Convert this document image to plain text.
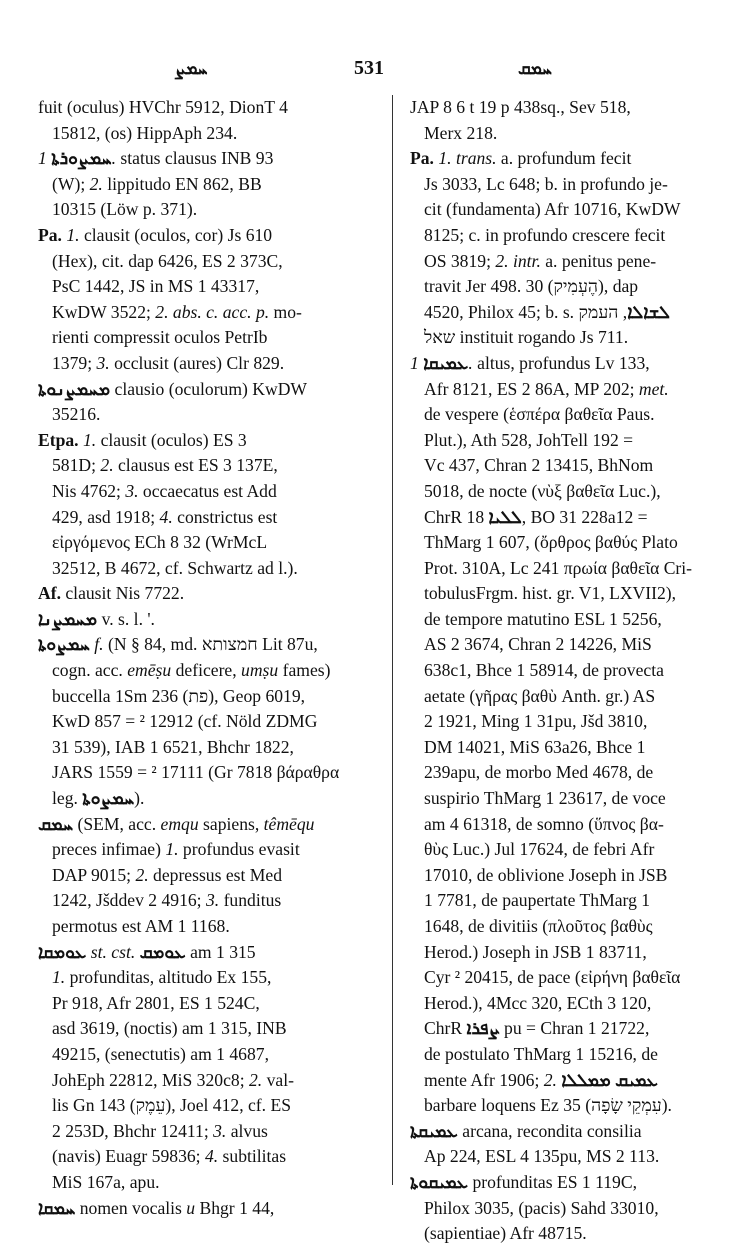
ܚܡܨ	531	ܚܡܩ
fuit (oculus) HVChr 5912, DionT 4
15812, (os) HippAph 234.
ܚܡܨܘܪܬܐ 1. status clausus INB 93
(W); 2. lippitudo EN 862, BB
10315 (Löw p. 371).
Pa. 1. clausit (oculos, cor) Js 610
(Hex), cit. dap 6426, ES 2 373C,
PsC 1442, JS in MS 1 43317,
KwDW 3522; 2. abs. c. acc. p. mo-
rienti compressit oculos PetrIb
1379; 3. occlusit (aures) Clr 829.
ܡܚܡܨܢܘܬܐ clausio (oculorum) KwDW
35216.
Etpa. 1. clausit (oculos) ES 3
581D; 2. clausus est ES 3 137E,
Nis 4762; 3. occaecatus est Add
429, asd 1918; 4. constrictus est
εἰργόμενος ECh 8 32 (WrMcL
32512, B 4672, cf. Schwartz ad l.).
Af. clausit Nis 7722.
ܡܚܡܨܢܐ v. s. l. '.
ܚܡܨܘܬܐ f. (N § 84, md. ‏חמצותא‏ Lit 87u,
cogn. acc. emēṣu deficere, umṣu fames)
buccella 1Sm 236 (‏פת‏), Geop 6019,
KwD 857 = ² 12912 (cf. Nöld ZDMG
31 539), IAB 1 6521, Bhchr 1822,
JARS 1559 = ² 17111 (Gr 7818 βάραθρα
leg. ܚܡܨܘܬܐ).
ܚܡܩ (SEM, acc. emqu sapiens, têmēqu
preces infimae) 1. profundus evasit
DAP 9015; 2. depressus est Med
1242, Jšddev 2 4916; 3. funditus
permotus est AM 1 1168.
ܥܘܡܩܐ st. cst. ܥܘܡܩ am 1 315
1. profunditas, altitudo Ex 155,
Pr 918, Afr 2801, ES 1 524C,
asd 3619, (noctis) am 1 315, INB
49215, (senectutis) am 1 4687,
JohEph 22812, MiS 320c8; 2. val-
lis Gn 143 (‏עֵמֶק‏), Joel 412, cf. ES
2 253D, Bhchr 12411; 3. alvus
(navis) Euagr 59836; 4. subtilitas
MiS 167a, apu.
ܚܡܩܐ nomen vocalis u Bhgr 1 44,
JAP 8 6 t 19 p 438sq., Sev 518,
Merx 218.
Pa. 1. trans. a. profundum fecit
Js 3033, Lc 648; b. in profundo je-
cit (fundamenta) Afr 10716, KwDW
8125; c. in profundo crescere fecit
OS 3819; 2. intr. a. penitus pene-
travit Jer 498. 30 (‏הֶעְמִיק‏), dap
4520, Philox 45; b. s.	ܠܫܐܠܐ, ‏העמק‏
‏שאל‏ instituit rogando Js 711.
ܥܡܝܩܐ 1. altus, profundus Lv 133,
Afr 8121, ES 2 86A, MP 202; met.
de vespere (ἑσπέρα βαθεῖα Paus.
Plut.), Ath 528, JohTell 192 =
Vc 437, Chran 2 13415, BhNom
5018, de nocte (νὺξ βαθεῖα Luc.),
ChrR ܠܠܝܐ 18, BO 31 228a12 =
ThMarg 1 607, (ὄρθρος βαθύς Plato
Prot. 310A, Lc 241 πρωία βαθεῖα Cri-
tobulusFrgm. hist. gr. V1, LXVII2),
de tempore matutino ESL 1 5256,
AS 2 3674, Chran 2 14226, MiS
638c1, Bhce 1 58914, de provecta
aetate (γῆρας βαθὺ Anth. gr.) AS
2 1921, Ming 1 31pu, Jšd 3810,
DM 14021, MiS 63a26, Bhce 1
239apu, de morbo Med 4678, de
suspirio ThMarg 1 23617, de voce
am 4 61318, de somno (ὕπνος βα-
θὺς Luc.) Jul 17624, de febri Afr
17010, de oblivione Joseph in JSB
1 7781, de paupertate ThMarg 1
1648, de divitiis (πλοῦτος βαθὺς
Herod.) Joseph in JSB 1 83711,
Cyr ² 20415, de pace (εἰρήνη βαθεῖα
Herod.), 4Mcc 320, ECth 3 120,
ChrR ܨܦܪܐ pu = Chran 1 21722,
de postulato ThMarg 1 15216, de
mente Afr 1906; 2. ܥܡܝܩ ܡܡܠܠܐ
barbare loquens Ez 35 (‏עִמְקֵי שָׂפָה‏).
ܥܡܝܩܬܐ arcana, recondita consilia
Ap 224, ESL 4 135pu, MS 2 113.
ܥܡܝܩܘܬܐ profunditas ES 1 119C,
Philox 3035, (pacis) Sahd 33010,
(sapientiae) Afr 48715.
